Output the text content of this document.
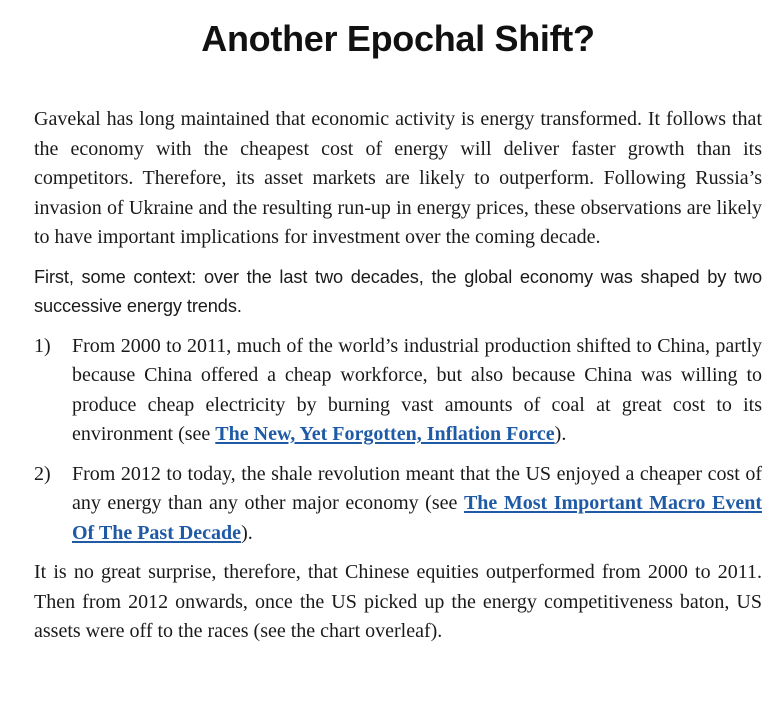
Another Epochal Shift?

Gavekal has long maintained that economic activity is energy transformed. It follows that the economy with the cheapest cost of energy will deliver faster growth than its competitors. Therefore, its asset markets are likely to outperform. Following Russia’s invasion of Ukraine and the resulting run-up in energy prices, these observations are likely to have important implications for investment over the coming decade.

First, some context: over the last two decades, the global economy was shaped by two successive energy trends.

1) From 2000 to 2011, much of the world’s industrial production shifted to China, partly because China offered a cheap workforce, but also because China was willing to produce cheap electricity by burning vast amounts of coal at great cost to its environment (see The New, Yet Forgotten, Inflation Force).
2) From 2012 to today, the shale revolution meant that the US enjoyed a cheaper cost of any energy than any other major economy (see The Most Important Macro Event Of The Past Decade).

It is no great surprise, therefore, that Chinese equities outperformed from 2000 to 2011. Then from 2012 onwards, once the US picked up the energy competitiveness baton, US assets were off to the races (see the chart overleaf).
